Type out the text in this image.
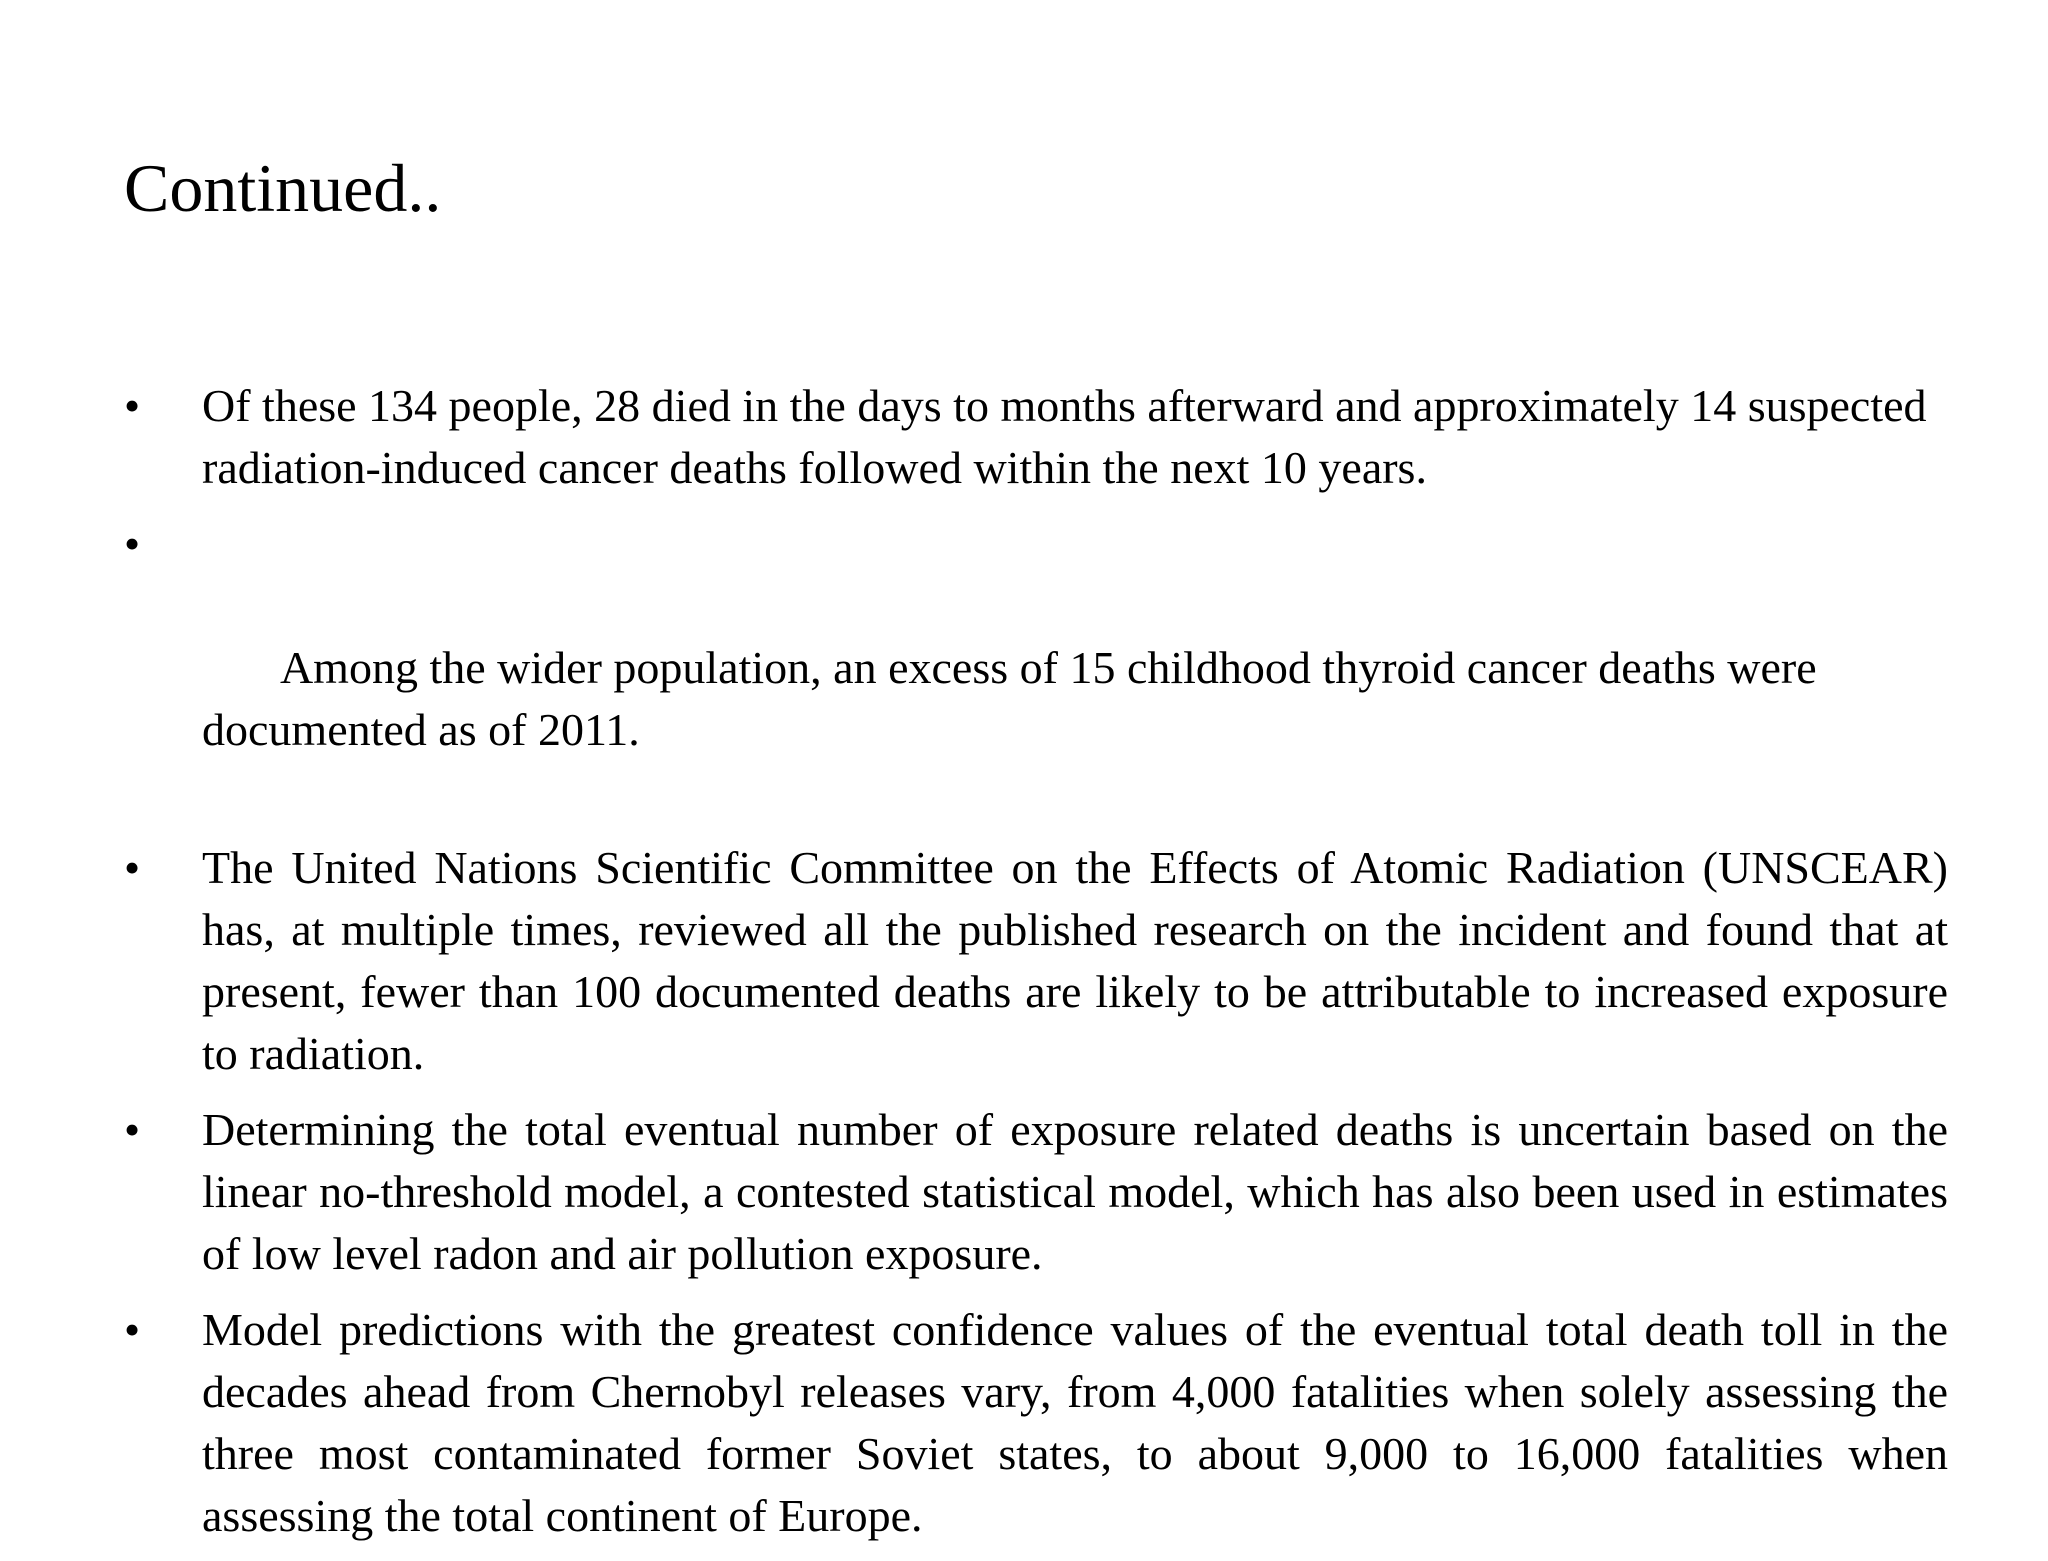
Continued..
•	Of these 134 people, 28 died in the days to months afterward and approximately 14 suspected radiation-induced cancer deaths followed within the next 10 years.

•

Among the wider population, an excess of 15 childhood thyroid cancer deaths were documented as of 2011.

•	The United Nations Scientific Committee on the Effects of Atomic Radiation (UNSCEAR) has, at multiple times, reviewed all the published research on the incident and found that at present, fewer than 100 documented deaths are likely to be attributable to increased exposure to radiation.
•	Determining the total eventual number of exposure related deaths is uncertain based on the linear no-threshold model, a contested statistical model, which has also been used in estimates of low level radon and air pollution exposure.
•	Model predictions with the greatest confidence values of the eventual total death toll in the decades ahead from Chernobyl releases vary, from 4,000 fatalities when solely assessing the three most contaminated former Soviet states, to about 9,000 to 16,000 fatalities when assessing the total continent of Europe.
